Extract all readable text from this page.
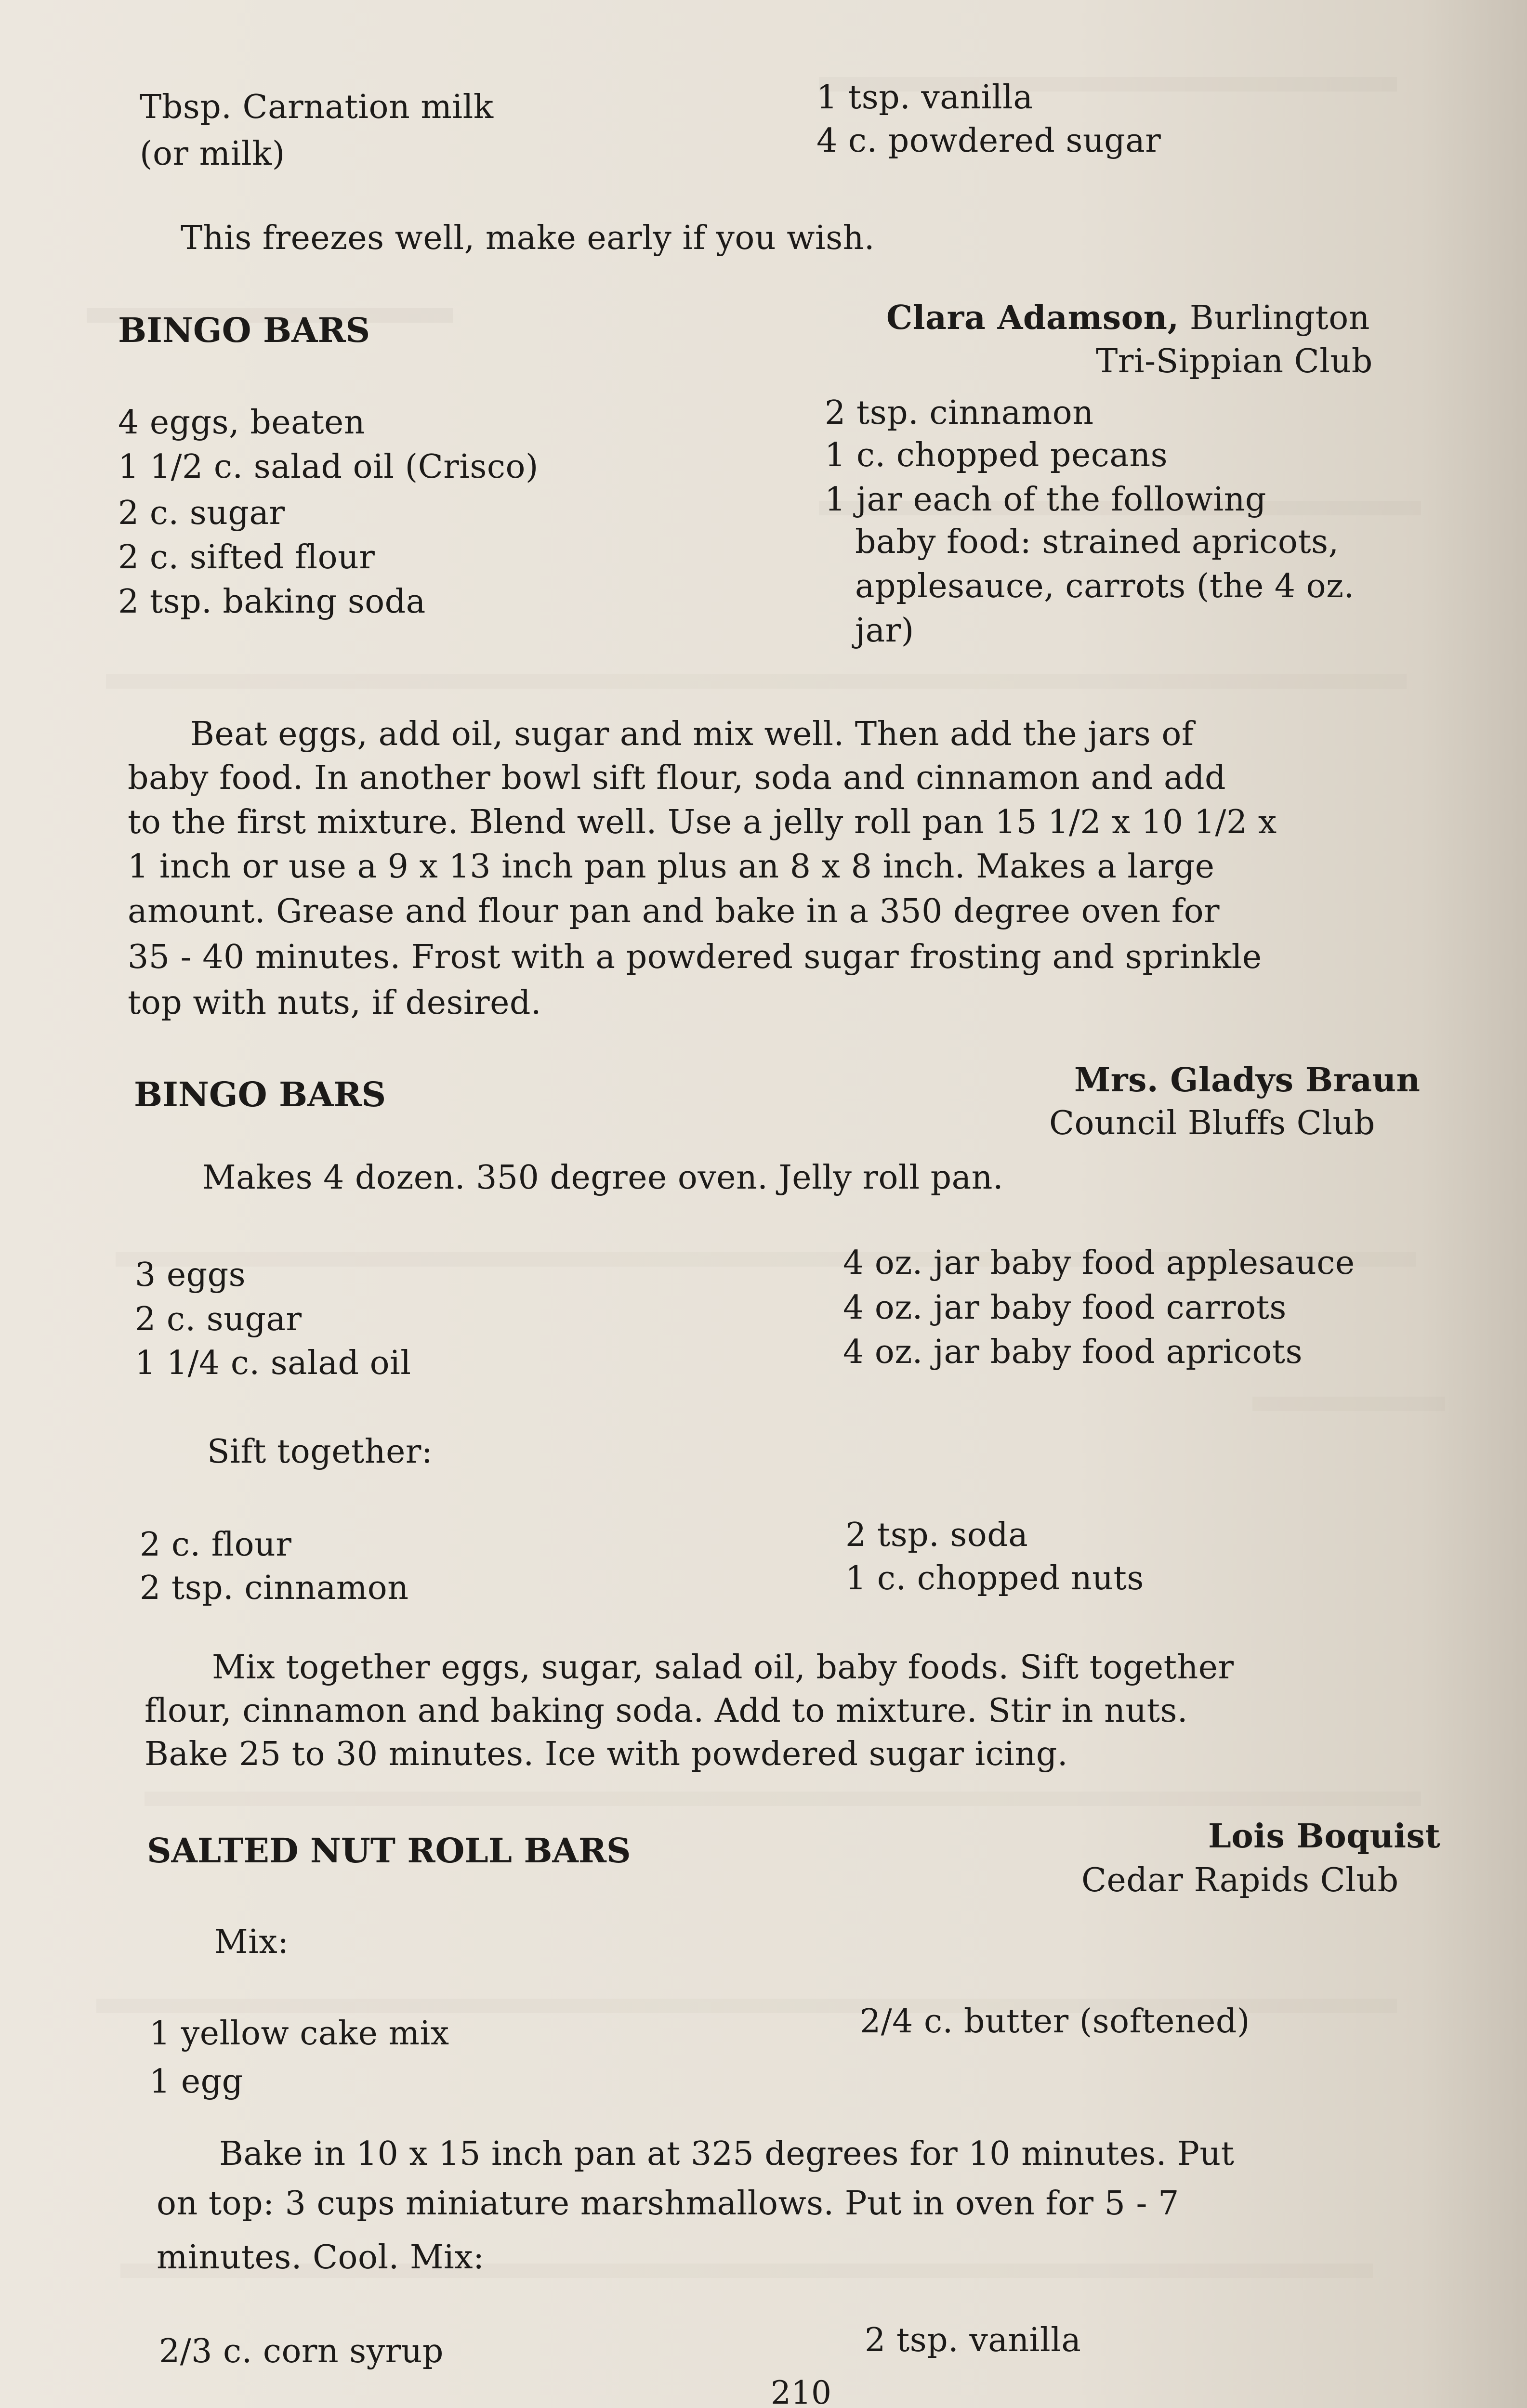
Tbsp. Carnation milk
(or milk)
1 tsp. vanilla
4 c. powdered sugar
This freezes well, make early if you wish.
BINGO BARS	Clara Adamson, Burlington
Tri-Sippian Club
4 eggs, beaten
1 1/2 c. salad oil (Crisco)
2 c. sugar
2 c. sifted flour
2 tsp. baking soda
2 tsp. cinnamon
1 c. chopped pecans
1 jar each of the following
baby food: strained apricots,
applesauce, carrots (the 4 oz.
jar)
Beat eggs, add oil, sugar and mix well. Then add the jars of
baby food. In another bowl sift flour, soda and cinnamon and add
to the first mixture. Blend well. Use a jelly roll pan 15 1/2 x 10 1/2 x
1 inch or use a 9 x 13 inch pan plus an 8 x 8 inch. Makes a large
amount. Grease and flour pan and bake in a 350 degree oven for
35 - 40 minutes. Frost with a powdered sugar frosting and sprinkle
top with nuts, if desired.
BINGO BARS	Mrs. Gladys Braun
Council Bluffs Club
Makes 4 dozen. 350 degree oven. Jelly roll pan.
3 eggs
2 c. sugar
1 1/4 c. salad oil
4 oz. jar baby food applesauce
4 oz. jar baby food carrots
4 oz. jar baby food apricots
Sift together:
2 c. flour
2 tsp. cinnamon
2 tsp. soda
1 c. chopped nuts
Mix together eggs, sugar, salad oil, baby foods. Sift together
flour, cinnamon and baking soda. Add to mixture. Stir in nuts.
Bake 25 to 30 minutes. Ice with powdered sugar icing.
SALTED NUT ROLL BARS	Lois Boquist
Cedar Rapids Club
Mix:
1 yellow cake mix
1 egg
2/4 c. butter (softened)
Bake in 10 x 15 inch pan at 325 degrees for 10 minutes. Put
on top: 3 cups miniature marshmallows. Put in oven for 5 - 7
minutes. Cool. Mix:
2/3 c. corn syrup	2 tsp. vanilla
210
